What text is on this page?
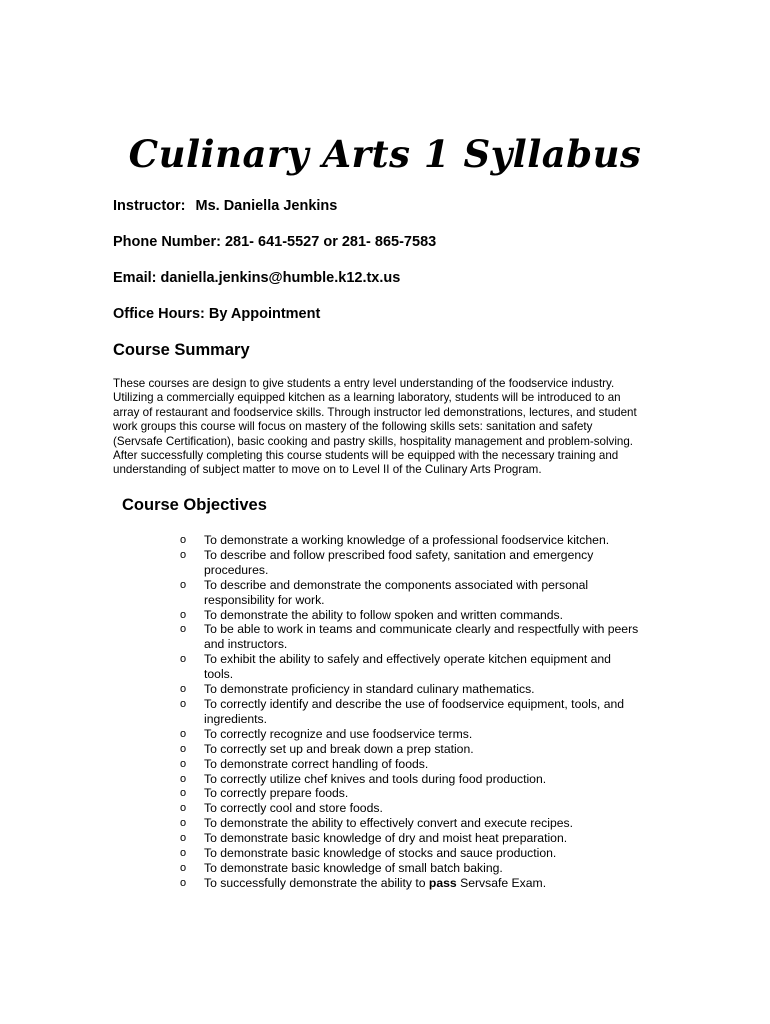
Culinary Arts 1 Syllabus
Instructor: Ms. Daniella Jenkins
Phone Number: 281- 641-5527 or 281- 865-7583
Email: daniella.jenkins@humble.k12.tx.us
Office Hours: By Appointment
Course Summary
These courses are design to give students a entry level understanding of the foodservice industry.
Utilizing a commercially equipped kitchen as a learning laboratory, students will be introduced to an
array of restaurant and foodservice skills. Through instructor led demonstrations, lectures, and student
work groups this course will focus on mastery of the following skills sets: sanitation and safety
(Servsafe Certification), basic cooking and pastry skills, hospitality management and problem-solving.
After successfully completing this course students will be equipped with the necessary training and
understanding of subject matter to move on to Level II of the Culinary Arts Program.
Course Objectives
o To demonstrate a working knowledge of a professional foodservice kitchen.
o To describe and follow prescribed food safety, sanitation and emergency
procedures.
o To describe and demonstrate the components associated with personal
responsibility for work.
o To demonstrate the ability to follow spoken and written commands.
o To be able to work in teams and communicate clearly and respectfully with peers
and instructors.
o To exhibit the ability to safely and effectively operate kitchen equipment and
tools.
o To demonstrate proficiency in standard culinary mathematics.
o To correctly identify and describe the use of foodservice equipment, tools, and
ingredients.
o To correctly recognize and use foodservice terms.
o To correctly set up and break down a prep station.
o To demonstrate correct handling of foods.
o To correctly utilize chef knives and tools during food production.
o To correctly prepare foods.
o To correctly cool and store foods.
o To demonstrate the ability to effectively convert and execute recipes.
o To demonstrate basic knowledge of dry and moist heat preparation.
o To demonstrate basic knowledge of stocks and sauce production.
o To demonstrate basic knowledge of small batch baking.
o To successfully demonstrate the ability to pass Servsafe Exam.
